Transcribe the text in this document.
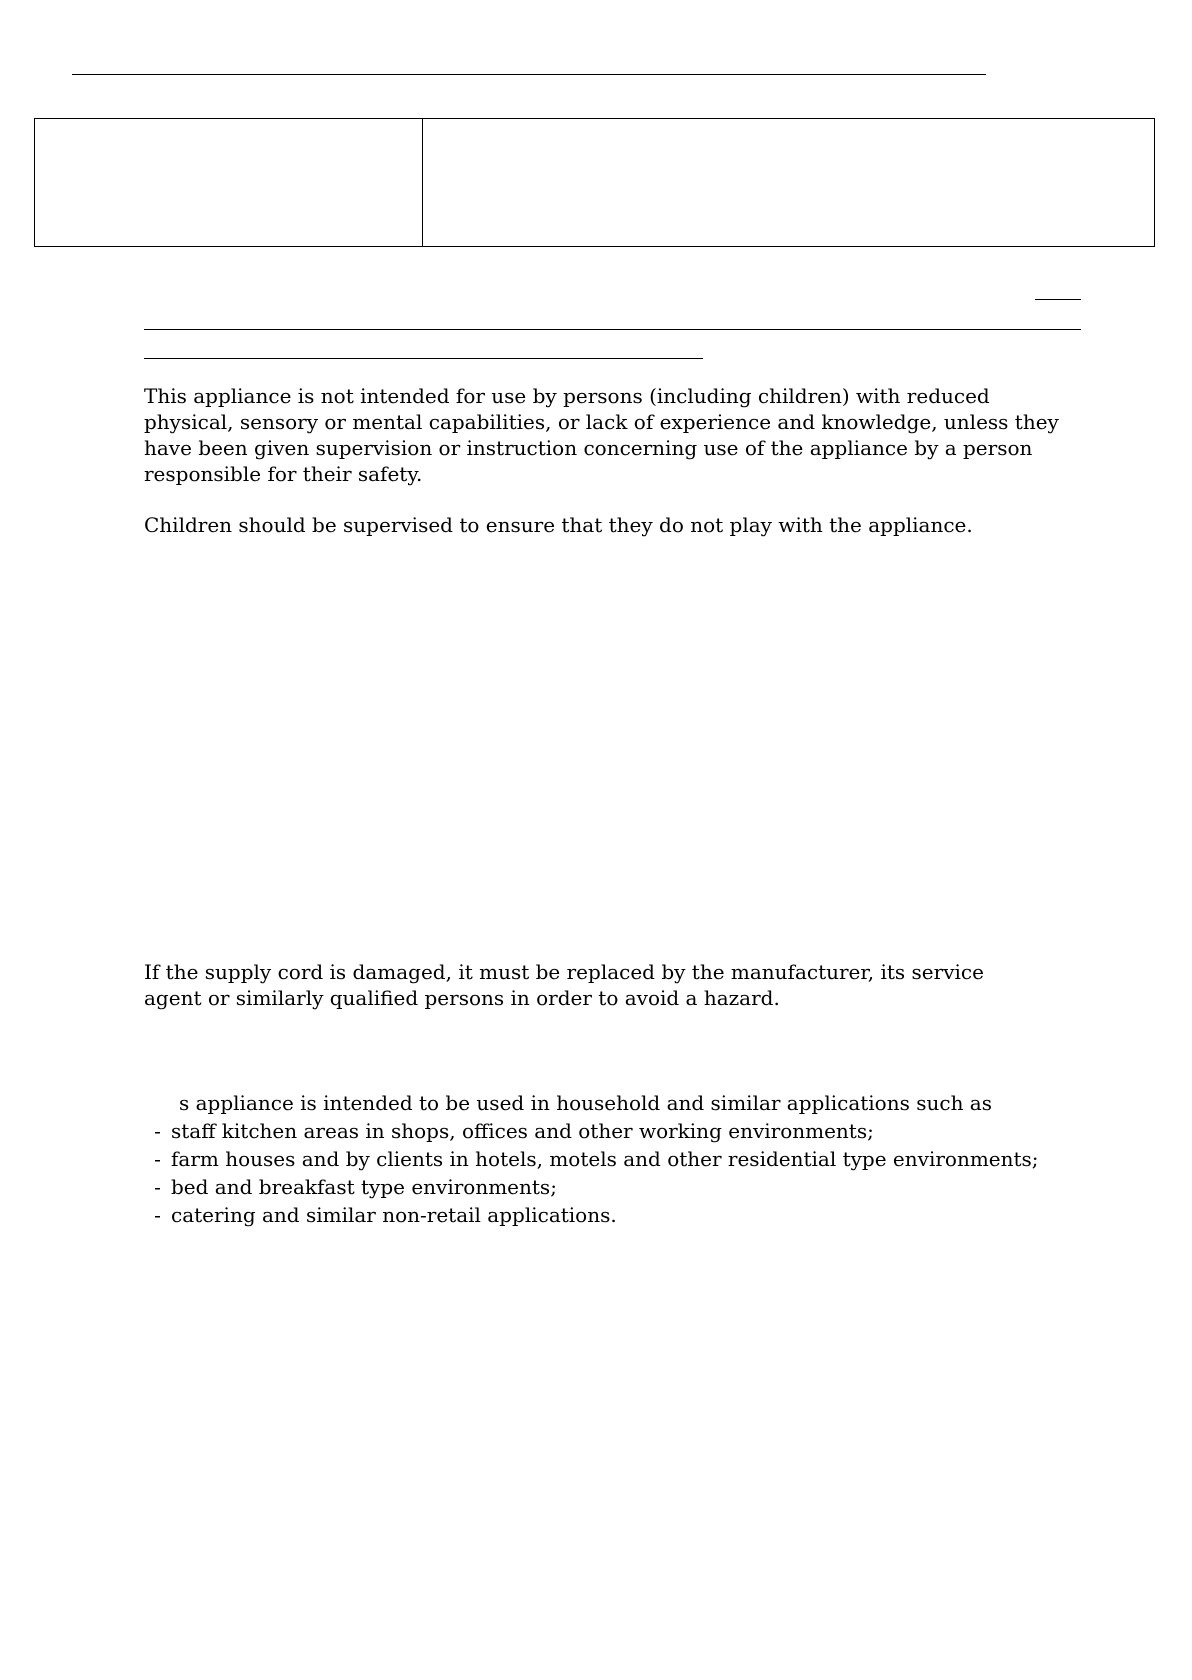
This appliance is not intended for use by persons (including children) with reduced
physical, sensory or mental capabilities, or lack of experience and knowledge, unless they
have been given supervision or instruction concerning use of the appliance by a person
responsible for their safety.

Children should be supervised to ensure that they do not play with the appliance.

If the supply cord is damaged, it must be replaced by the manufacturer, its service
agent or similarly qualified persons in order to avoid a hazard.

s appliance is intended to be used in household and similar applications such as

- staff kitchen areas in shops, offices and other working environments;
- farm houses and by clients in hotels, motels and other residential type environments;
- bed and breakfast type environments;
- catering and similar non-retail applications.
